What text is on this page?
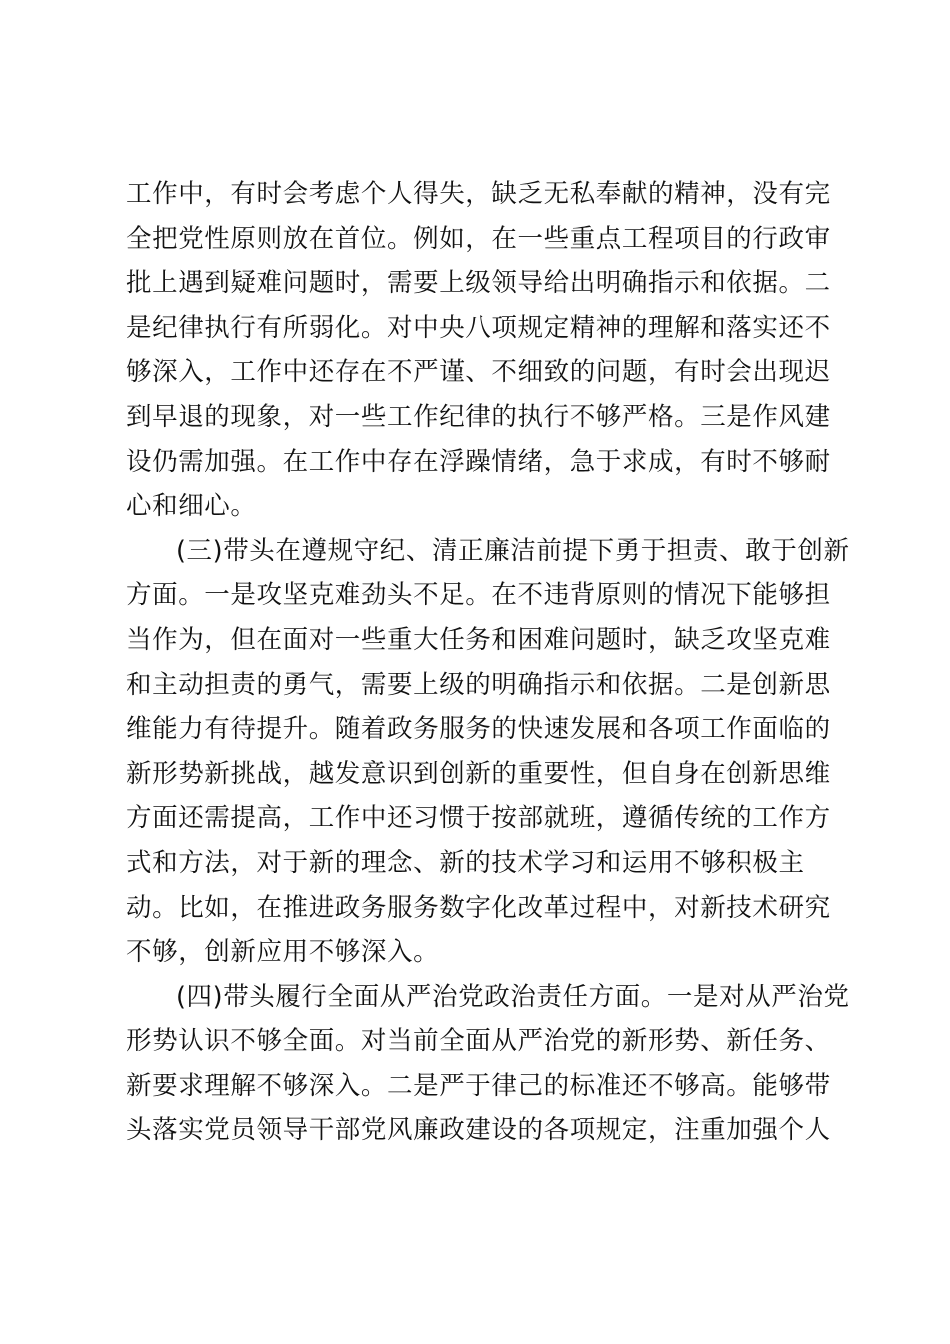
工作中，有时会考虑个人得失，缺乏无私奉献的精神，没有完
全把党性原则放在首位。例如，在一些重点工程项目的行政审
批上遇到疑难问题时，需要上级领导给出明确指示和依据。二
是纪律执行有所弱化。对中央八项规定精神的理解和落实还不
够深入，工作中还存在不严谨、不细致的问题，有时会出现迟
到早退的现象，对一些工作纪律的执行不够严格。三是作风建
设仍需加强。在工作中存在浮躁情绪，急于求成，有时不够耐
心和细心。
(三)带头在遵规守纪、清正廉洁前提下勇于担责、敢于创新
方面。一是攻坚克难劲头不足。在不违背原则的情况下能够担
当作为，但在面对一些重大任务和困难问题时，缺乏攻坚克难
和主动担责的勇气，需要上级的明确指示和依据。二是创新思
维能力有待提升。随着政务服务的快速发展和各项工作面临的
新形势新挑战，越发意识到创新的重要性，但自身在创新思维
方面还需提高，工作中还习惯于按部就班，遵循传统的工作方
式和方法，对于新的理念、新的技术学习和运用不够积极主
动。比如，在推进政务服务数字化改革过程中，对新技术研究
不够，创新应用不够深入。
(四)带头履行全面从严治党政治责任方面。一是对从严治党
形势认识不够全面。对当前全面从严治党的新形势、新任务、
新要求理解不够深入。二是严于律己的标准还不够高。能够带
头落实党员领导干部党风廉政建设的各项规定，注重加强个人
